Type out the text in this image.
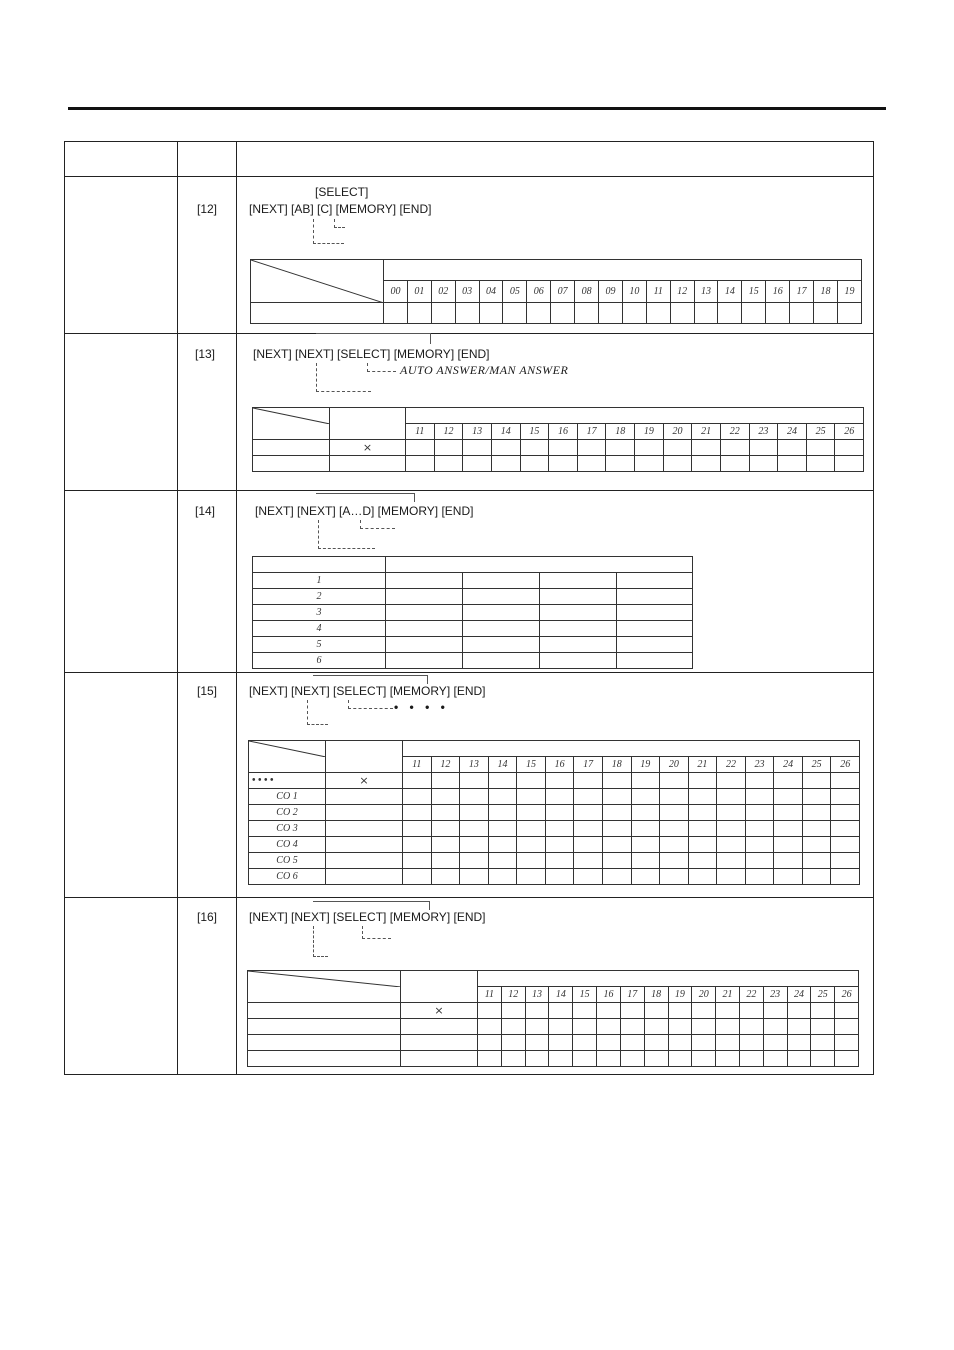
[12]
[SELECT]
[NEXT] [AB] [C] [MEMORY] [END]

	00	01	02	03	04	05	06	07	08	09	10	11	12	13	14	15	16	17	18	19

[13]	[NEXT] [NEXT] [SELECT] [MEMORY] [END]
AUTO ANSWER/MAN ANSWER

		11	12	13	14	15	16	17	18	19	20	21	22	23	24	25	26
	×																

[14]	[NEXT] [NEXT] [A…D] [MEMORY] [END]

1				
2				
3				
4				
5				
6				
[15]	[NEXT] [NEXT] [SELECT] [MEMORY] [END]
• • • •

		11	12	13	14	15	16	17	18	19	20	21	22	23	24	25	26
• • • •	×																
CO 1																	
CO 2																	
CO 3																	
CO 4																	
CO 5																	
CO 6																	
[16]	[NEXT] [NEXT] [SELECT] [MEMORY] [END]

		11	12	13	14	15	16	17	18	19	20	21	22	23	24	25	26
	×																
